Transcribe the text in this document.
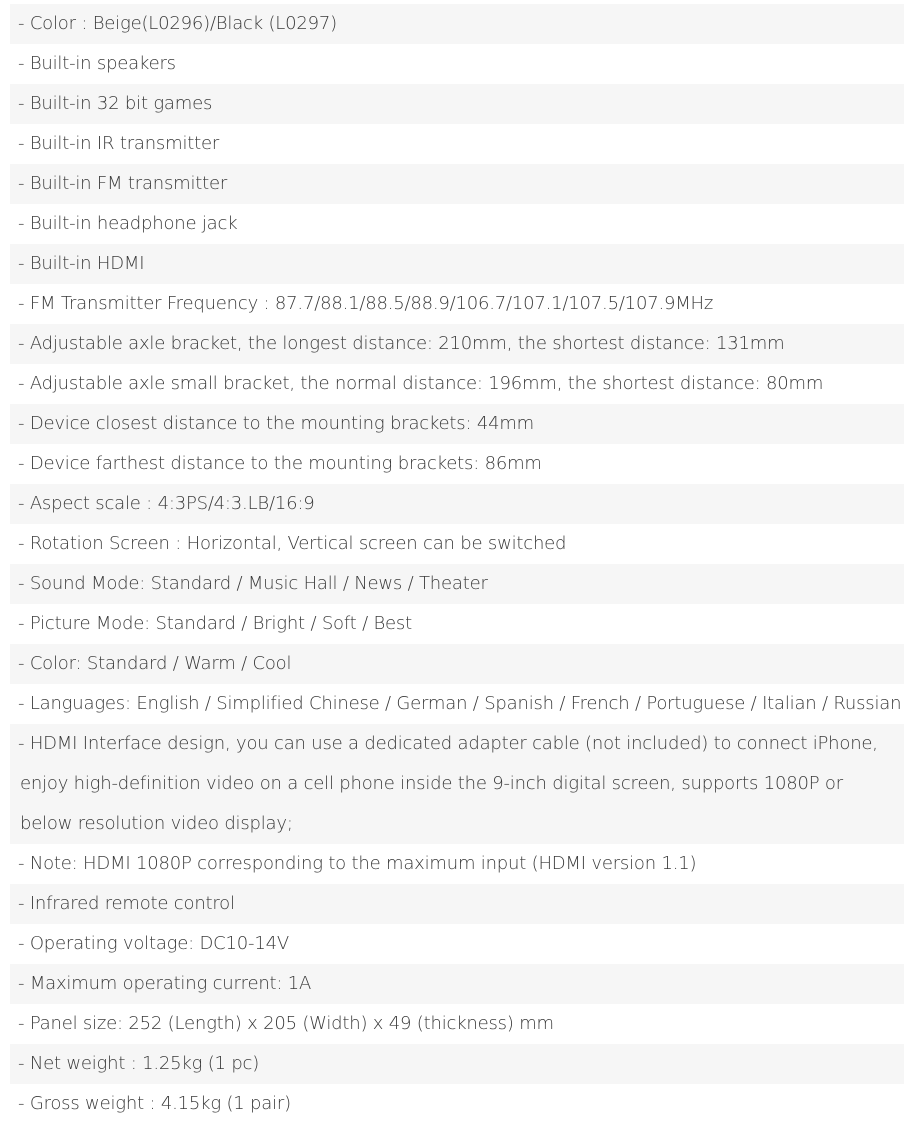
- Color : Beige(L0296)/Black (L0297)
- Built-in speakers
- Built-in 32 bit games
- Built-in IR transmitter
- Built-in FM transmitter
- Built-in headphone jack
- Built-in HDMI
- FM Transmitter Frequency : 87.7/88.1/88.5/88.9/106.7/107.1/107.5/107.9MHz
- Adjustable axle bracket, the longest distance: 210mm, the shortest distance: 131mm
- Adjustable axle small bracket, the normal distance: 196mm, the shortest distance: 80mm
- Device closest distance to the mounting brackets: 44mm
- Device farthest distance to the mounting brackets: 86mm
- Aspect scale : 4:3PS/4:3.LB/16:9
- Rotation Screen : Horizontal, Vertical screen can be switched
- Sound Mode: Standard / Music Hall / News / Theater
- Picture Mode: Standard / Bright / Soft / Best
- Color: Standard / Warm / Cool
- Languages: English / Simplified Chinese / German / Spanish / French / Portuguese / Italian / Russian
- HDMI Interface design, you can use a dedicated adapter cable (not included) to connect iPhone,
enjoy high-definition video on a cell phone inside the 9-inch digital screen, supports 1080P or
below resolution video display;
- Note: HDMI 1080P corresponding to the maximum input (HDMI version 1.1)
- Infrared remote control
- Operating voltage: DC10-14V
- Maximum operating current: 1A
- Panel size: 252 (Length) x 205 (Width) x 49 (thickness) mm
- Net weight : 1.25kg (1 pc)
- Gross weight : 4.15kg (1 pair)
